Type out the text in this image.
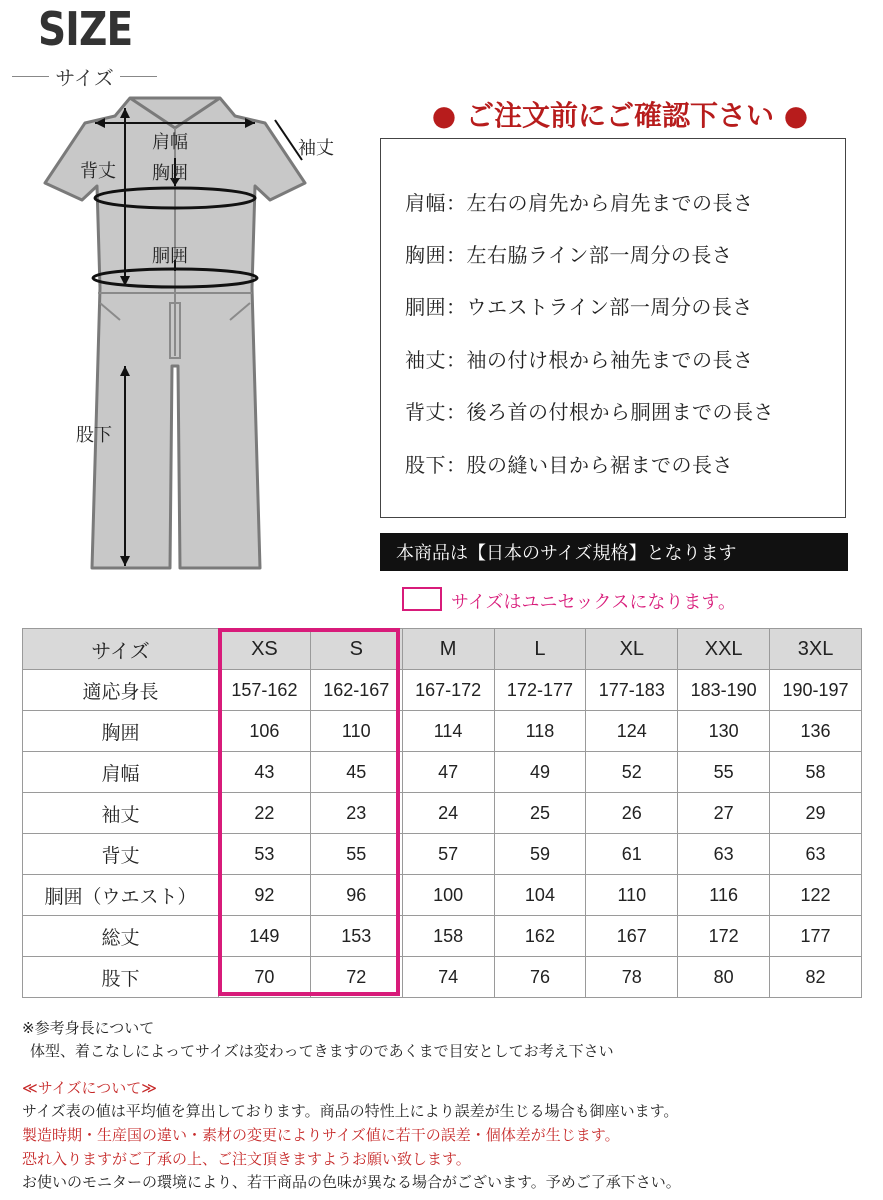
SIZE
サイズ
肩幅
胸囲
袖丈
背丈
胴囲
股下
● ご注文前にご確認下さい ●
肩幅：左右の肩先から肩先までの長さ
胸囲：左右脇ライン部一周分の長さ
胴囲：ウエストライン部一周分の長さ
袖丈：袖の付け根から袖先までの長さ
背丈：後ろ首の付根から胴囲までの長さ
股下：股の縫い目から裾までの長さ
本商品は【日本のサイズ規格】となります
サイズはユニセックスになります。
サイズ	XS	S	M	L	XL	XXL	3XL
適応身長	157-162	162-167	167-172	172-177	177-183	183-190	190-197
胸囲	106	110	114	118	124	130	136
肩幅	43	45	47	49	52	55	58
袖丈	22	23	24	25	26	27	29
背丈	53	55	57	59	61	63	63
胴囲（ウエスト）	92	96	100	104	110	116	122
総丈	149	153	158	162	167	172	177
股下	70	72	74	76	78	80	82
※参考身長について
体型、着こなしによってサイズは変わってきますのであくまで目安としてお考え下さい
≪サイズについて≫
サイズ表の値は平均値を算出しております。商品の特性上により誤差が生じる場合も御座います。
製造時期・生産国の違い・素材の変更によりサイズ値に若干の誤差・個体差が生じます。
恐れ入りますがご了承の上、ご注文頂きますようお願い致します。
お使いのモニターの環境により、若干商品の色味が異なる場合がございます。予めご了承下さい。
